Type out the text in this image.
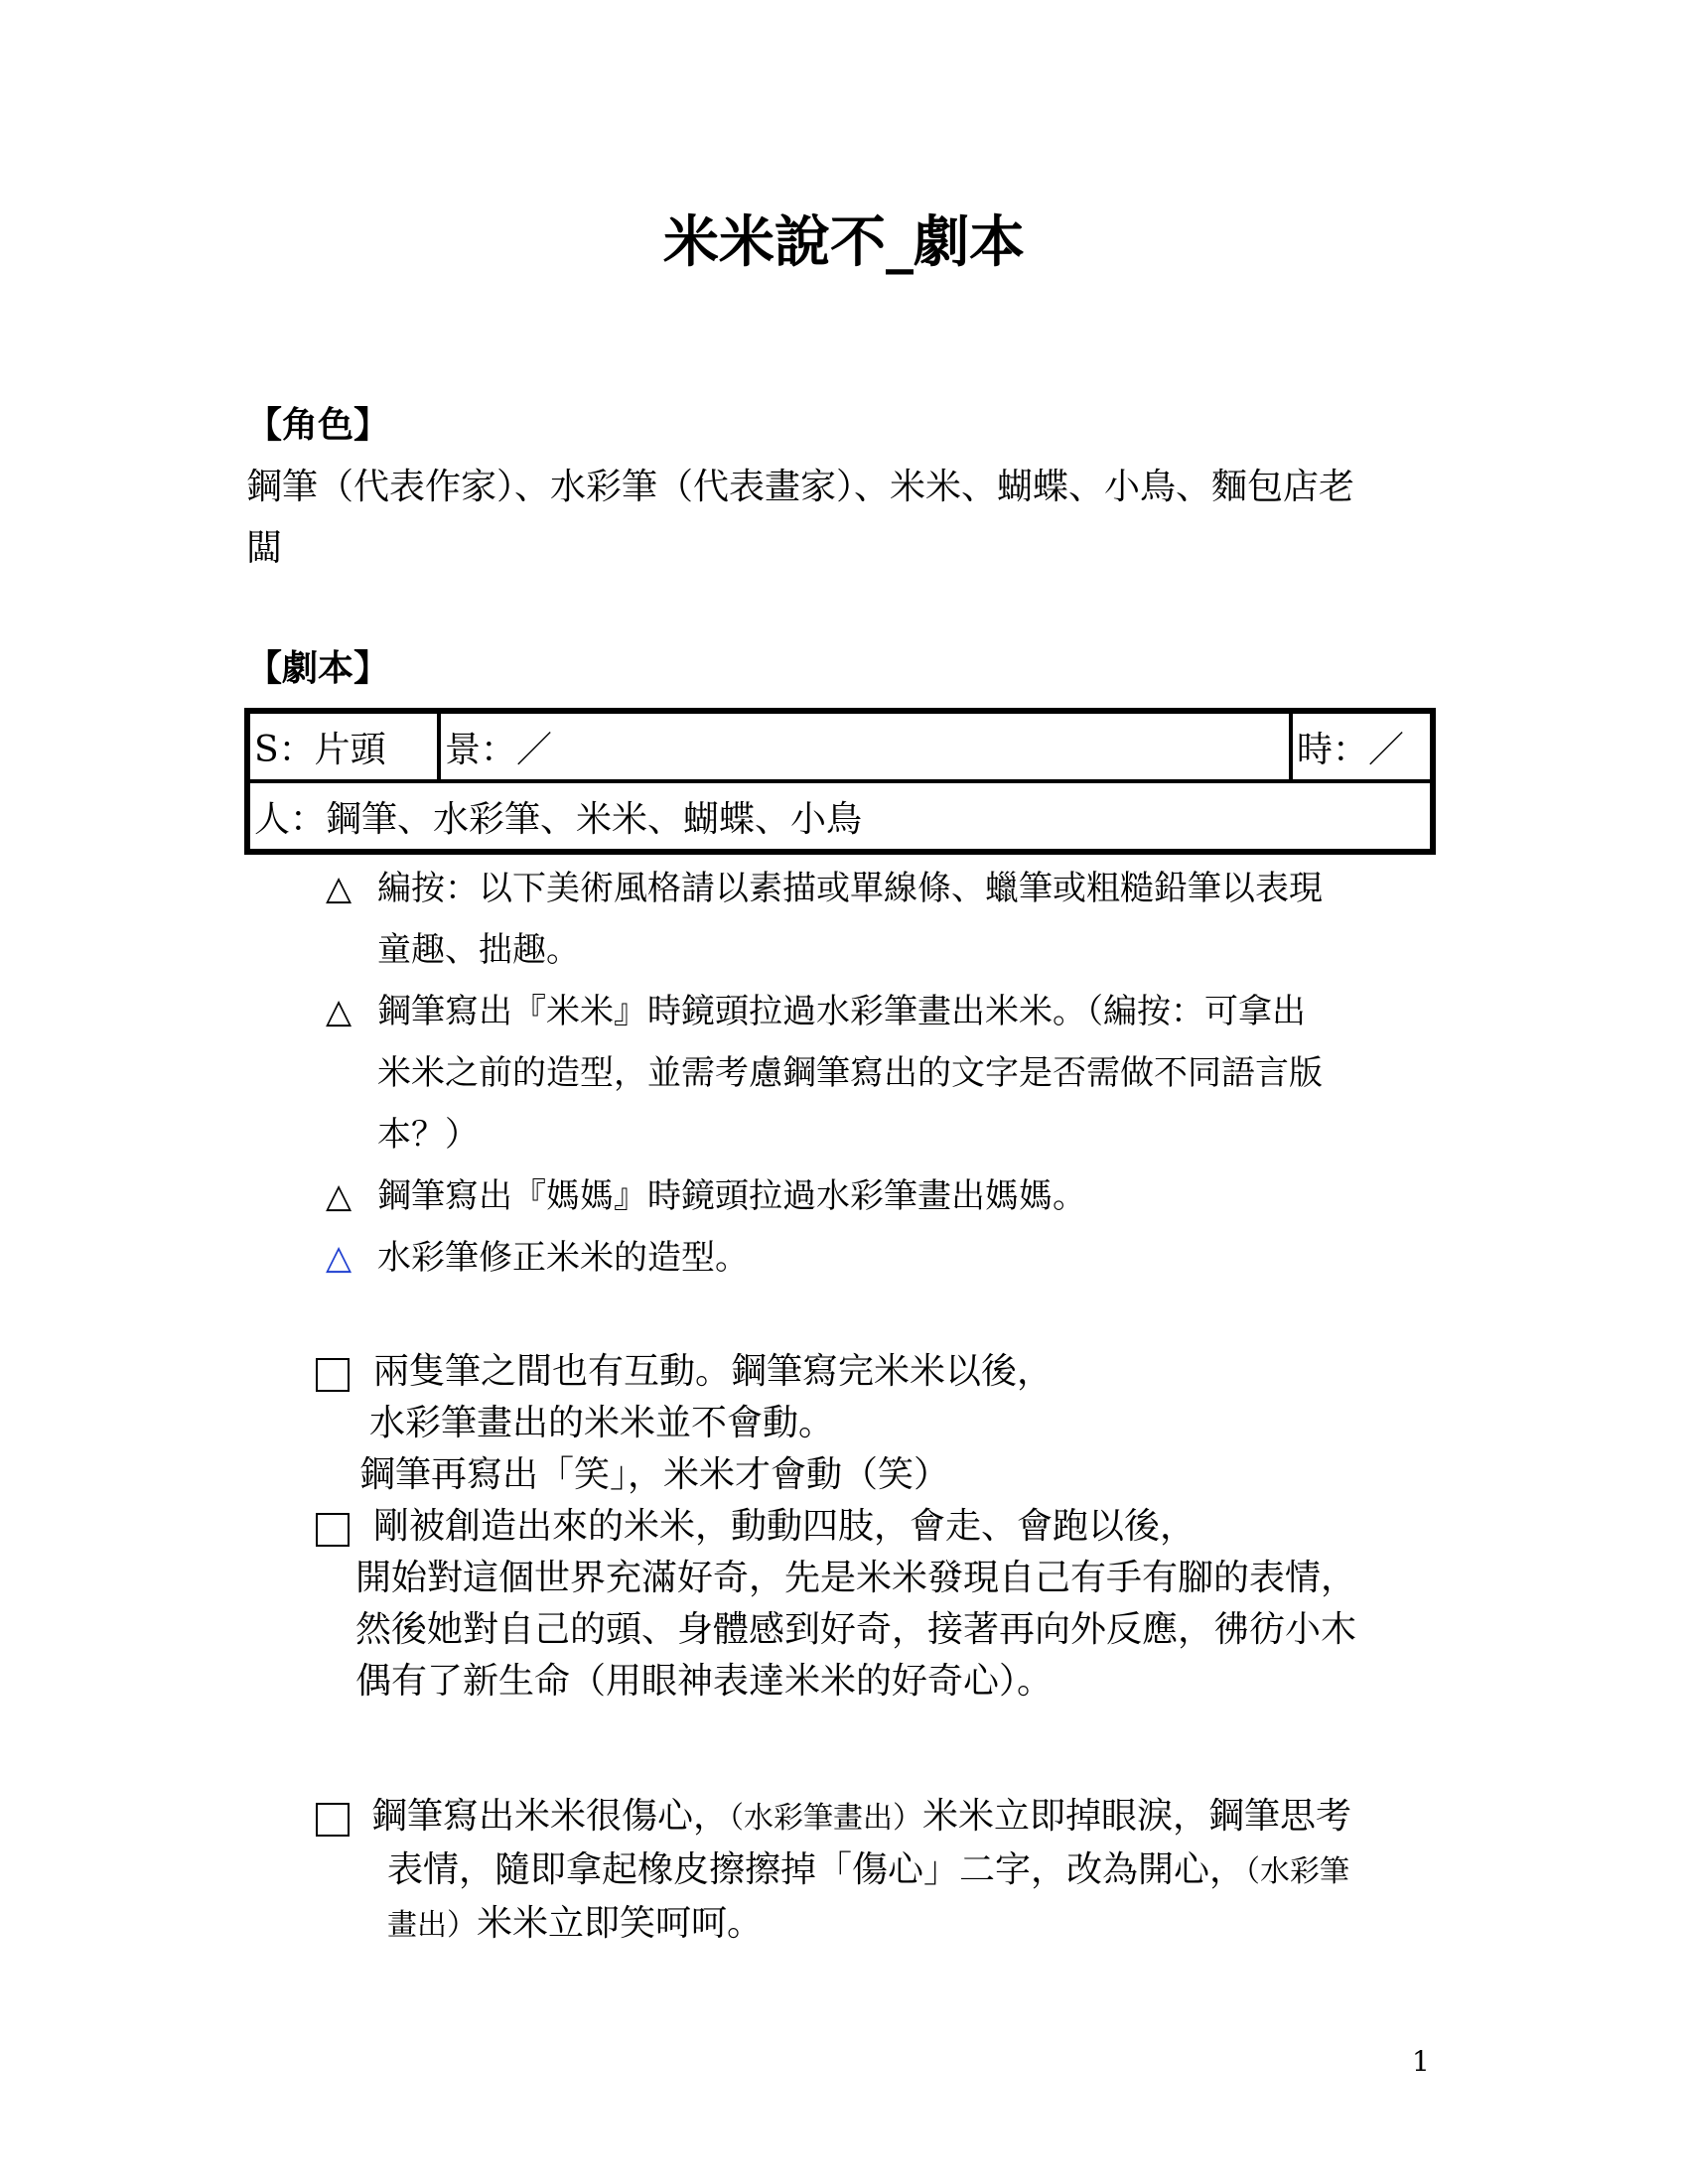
米米說不_劇本
【角色】
鋼筆（代表作家）、水彩筆（代表畫家）、米米、蝴蝶、小鳥、麵包店老
闆
【劇本】
S：片頭	景：／	時：／
人：鋼筆、水彩筆、米米、蝴蝶、小鳥
△ 編按：以下美術風格請以素描或單線條、蠟筆或粗糙鉛筆以表現
童趣、拙趣。
△ 鋼筆寫出『米米』時鏡頭拉過水彩筆畫出米米。（編按：可拿出
米米之前的造型，並需考慮鋼筆寫出的文字是否需做不同語言版
本？）
△ 鋼筆寫出『媽媽』時鏡頭拉過水彩筆畫出媽媽。
△ 水彩筆修正米米的造型。
兩隻筆之間也有互動。鋼筆寫完米米以後，
水彩筆畫出的米米並不會動。
鋼筆再寫出「笑」，米米才會動（笑）
剛被創造出來的米米，動動四肢，會走、會跑以後，
開始對這個世界充滿好奇，先是米米發現自己有手有腳的表情，
然後她對自己的頭、身體感到好奇，接著再向外反應，彿彷小木
偶有了新生命（用眼神表達米米的好奇心）。
鋼筆寫出米米很傷心，（水彩筆畫出）米米立即掉眼淚，鋼筆思考
表情，隨即拿起橡皮擦擦掉「傷心」二字，改為開心，（水彩筆
畫出）米米立即笑呵呵。
1
